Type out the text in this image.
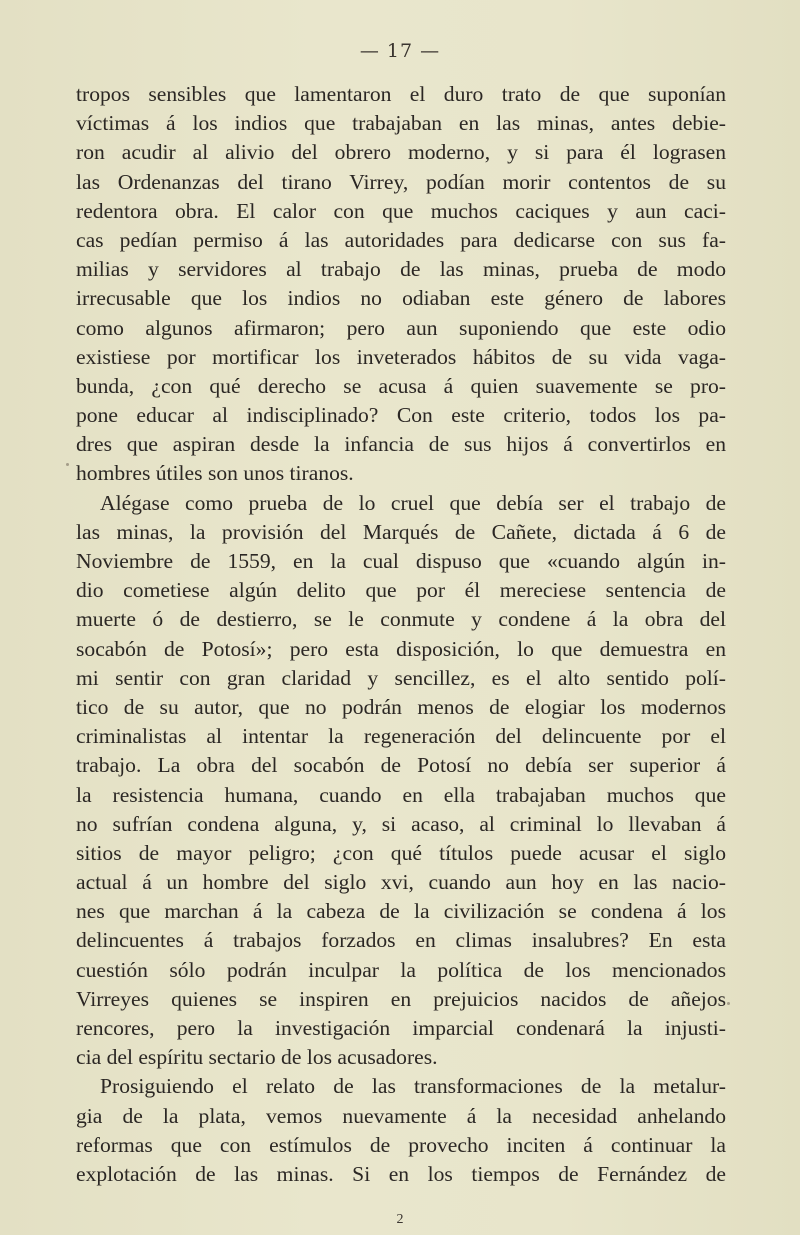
— 17 —
tropos sensibles que lamentaron el duro trato de que suponían
víctimas á los indios que trabajaban en las minas, antes debie-
ron acudir al alivio del obrero moderno, y si para él lograsen
las Ordenanzas del tirano Virrey, podían morir contentos de su
redentora obra. El calor con que muchos caciques y aun caci-
cas pedían permiso á las autoridades para dedicarse con sus fa-
milias y servidores al trabajo de las minas, prueba de modo
irrecusable que los indios no odiaban este género de labores
como algunos afirmaron; pero aun suponiendo que este odio
existiese por mortificar los inveterados hábitos de su vida vaga-
bunda, ¿con qué derecho se acusa á quien suavemente se pro-
pone educar al indisciplinado? Con este criterio, todos los pa-
dres que aspiran desde la infancia de sus hijos á convertirlos en
hombres útiles son unos tiranos.
Alégase como prueba de lo cruel que debía ser el trabajo de
las minas, la provisión del Marqués de Cañete, dictada á 6 de
Noviembre de 1559, en la cual dispuso que «cuando algún in-
dio cometiese algún delito que por él mereciese sentencia de
muerte ó de destierro, se le conmute y condene á la obra del
socabón de Potosí»; pero esta disposición, lo que demuestra en
mi sentir con gran claridad y sencillez, es el alto sentido polí-
tico de su autor, que no podrán menos de elogiar los modernos
criminalistas al intentar la regeneración del delincuente por el
trabajo. La obra del socabón de Potosí no debía ser superior á
la resistencia humana, cuando en ella trabajaban muchos que
no sufrían condena alguna, y, si acaso, al criminal lo llevaban á
sitios de mayor peligro; ¿con qué títulos puede acusar el siglo
actual á un hombre del siglo xvi, cuando aun hoy en las nacio-
nes que marchan á la cabeza de la civilización se condena á los
delincuentes á trabajos forzados en climas insalubres? En esta
cuestión sólo podrán inculpar la política de los mencionados
Virreyes quienes se inspiren en prejuicios nacidos de añejos
rencores, pero la investigación imparcial condenará la injusti-
cia del espíritu sectario de los acusadores.
Prosiguiendo el relato de las transformaciones de la metalur-
gia de la plata, vemos nuevamente á la necesidad anhelando
reformas que con estímulos de provecho inciten á continuar la
explotación de las minas. Si en los tiempos de Fernández de
2
